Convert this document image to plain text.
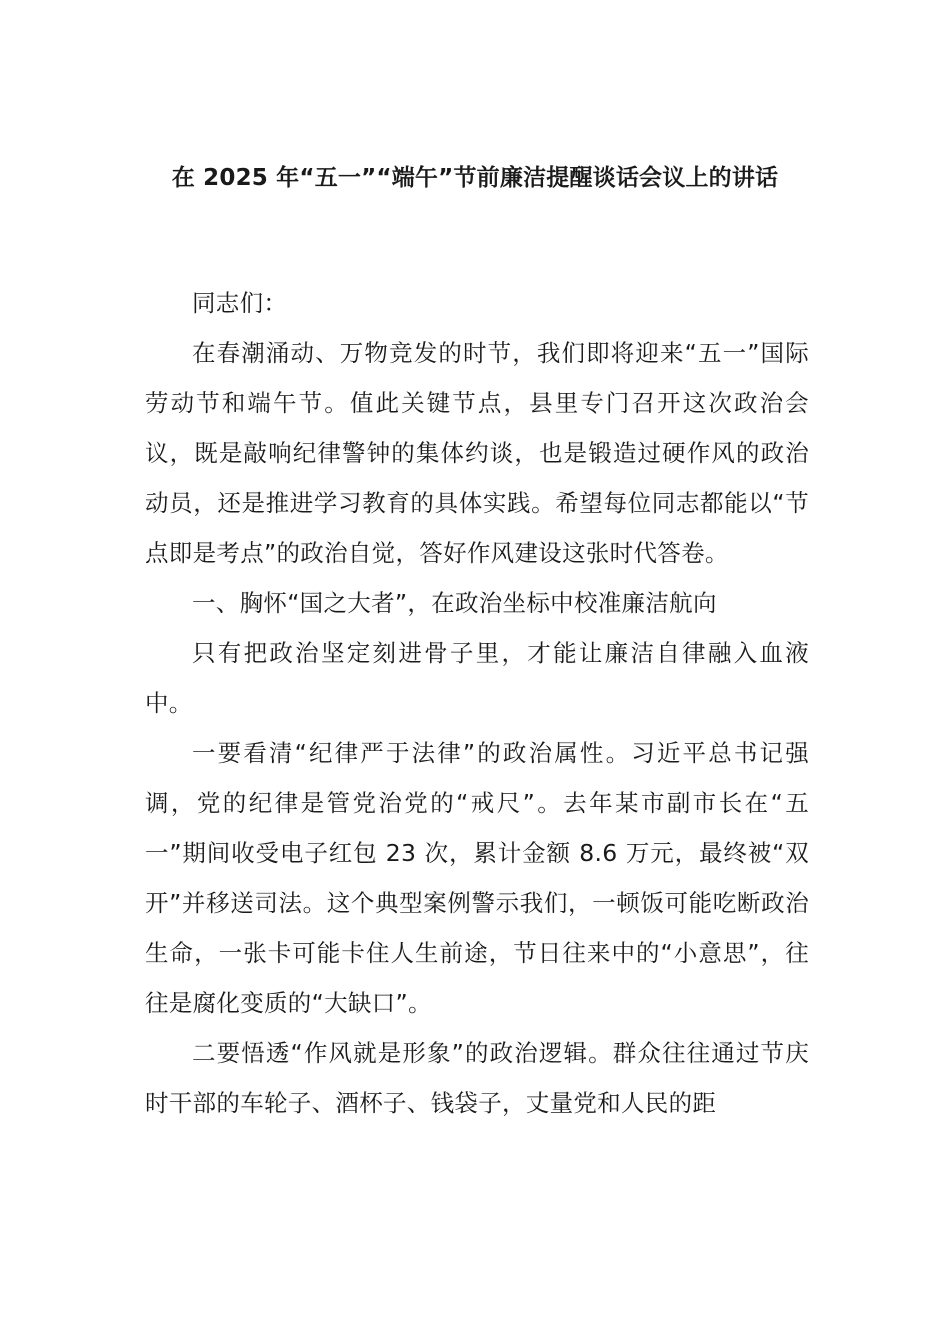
在 2025 年“五一”“端午”节前廉洁提醒谈话会议上的讲话

同志们：

在春潮涌动、万物竞发的时节，我们即将迎来“五一”国际劳动节和端午节。值此关键节点，县里专门召开这次政治会议，既是敲响纪律警钟的集体约谈，也是锻造过硬作风的政治动员，还是推进学习教育的具体实践。希望每位同志都能以“节点即是考点”的政治自觉，答好作风建设这张时代答卷。

一、胸怀“国之大者”，在政治坐标中校准廉洁航向

只有把政治坚定刻进骨子里，才能让廉洁自律融入血液中。

一要看清“纪律严于法律”的政治属性。习近平总书记强调，党的纪律是管党治党的“戒尺”。去年某市副市长在“五一”期间收受电子红包 23 次，累计金额 8.6 万元，最终被“双开”并移送司法。这个典型案例警示我们，一顿饭可能吃断政治生命，一张卡可能卡住人生前途，节日往来中的“小意思”，往往是腐化变质的“大缺口”。

二要悟透“作风就是形象”的政治逻辑。群众往往通过节庆时干部的车轮子、酒杯子、钱袋子，丈量党和人民的距
